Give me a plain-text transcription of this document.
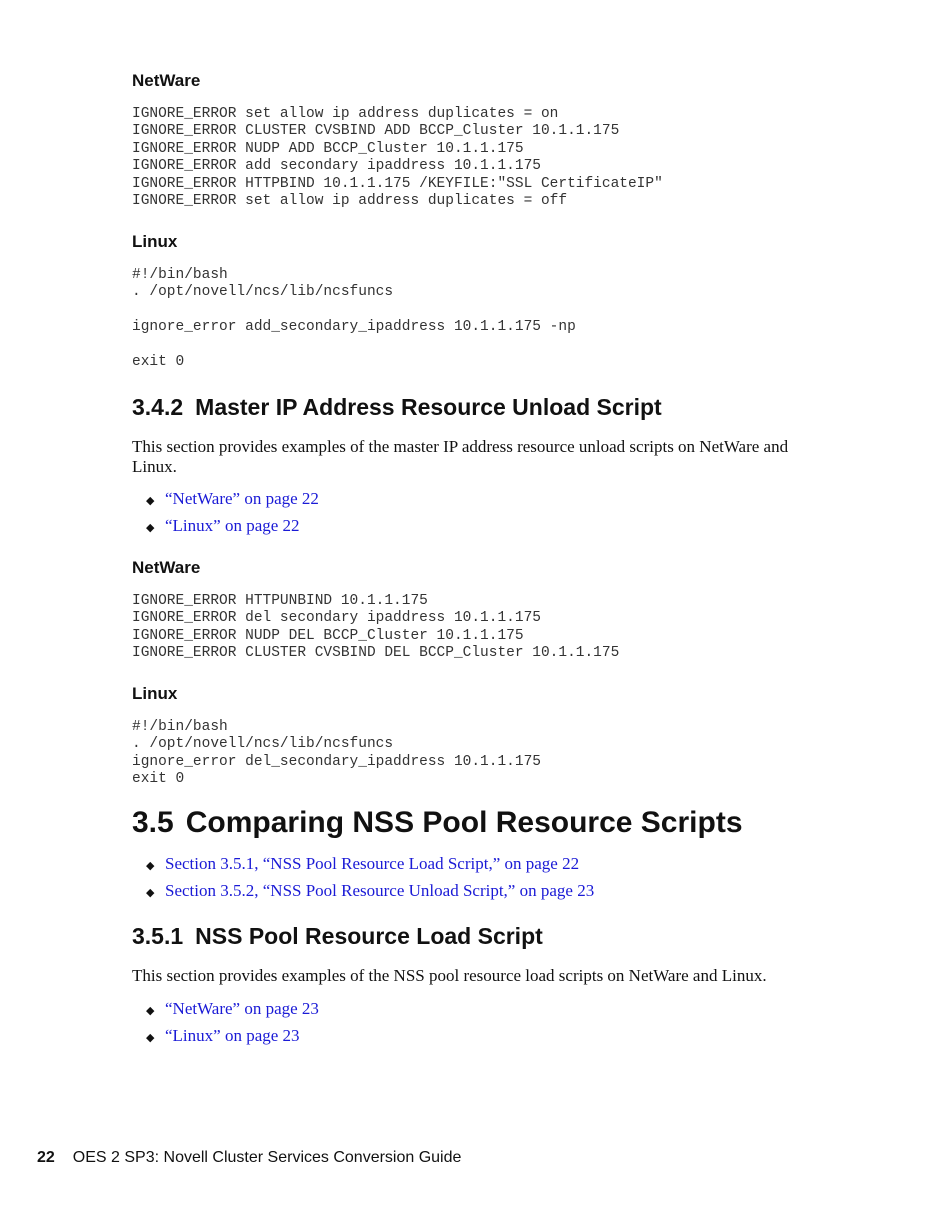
NetWare
IGNORE_ERROR set allow ip address duplicates = on
IGNORE_ERROR CLUSTER CVSBIND ADD BCCP_Cluster 10.1.1.175
IGNORE_ERROR NUDP ADD BCCP_Cluster 10.1.1.175
IGNORE_ERROR add secondary ipaddress 10.1.1.175
IGNORE_ERROR HTTPBIND 10.1.1.175 /KEYFILE:"SSL CertificateIP"
IGNORE_ERROR set allow ip address duplicates = off
Linux
#!/bin/bash
. /opt/novell/ncs/lib/ncsfuncs

ignore_error add_secondary_ipaddress 10.1.1.175 -np

exit 0
3.4.2 Master IP Address Resource Unload Script

This section provides examples of the master IP address resource unload scripts on NetWare and Linux.

◆ “NetWare” on page 22
◆ “Linux” on page 22
NetWare
IGNORE_ERROR HTTPUNBIND 10.1.1.175
IGNORE_ERROR del secondary ipaddress 10.1.1.175
IGNORE_ERROR NUDP DEL BCCP_Cluster 10.1.1.175
IGNORE_ERROR CLUSTER CVSBIND DEL BCCP_Cluster 10.1.1.175
Linux
#!/bin/bash
. /opt/novell/ncs/lib/ncsfuncs
ignore_error del_secondary_ipaddress 10.1.1.175
exit 0
3.5 Comparing NSS Pool Resource Scripts
◆ Section 3.5.1, “NSS Pool Resource Load Script,” on page 22
◆ Section 3.5.2, “NSS Pool Resource Unload Script,” on page 23
3.5.1 NSS Pool Resource Load Script

This section provides examples of the NSS pool resource load scripts on NetWare and Linux.

◆ “NetWare” on page 23
◆ “Linux” on page 23
22 OES 2 SP3: Novell Cluster Services Conversion Guide
